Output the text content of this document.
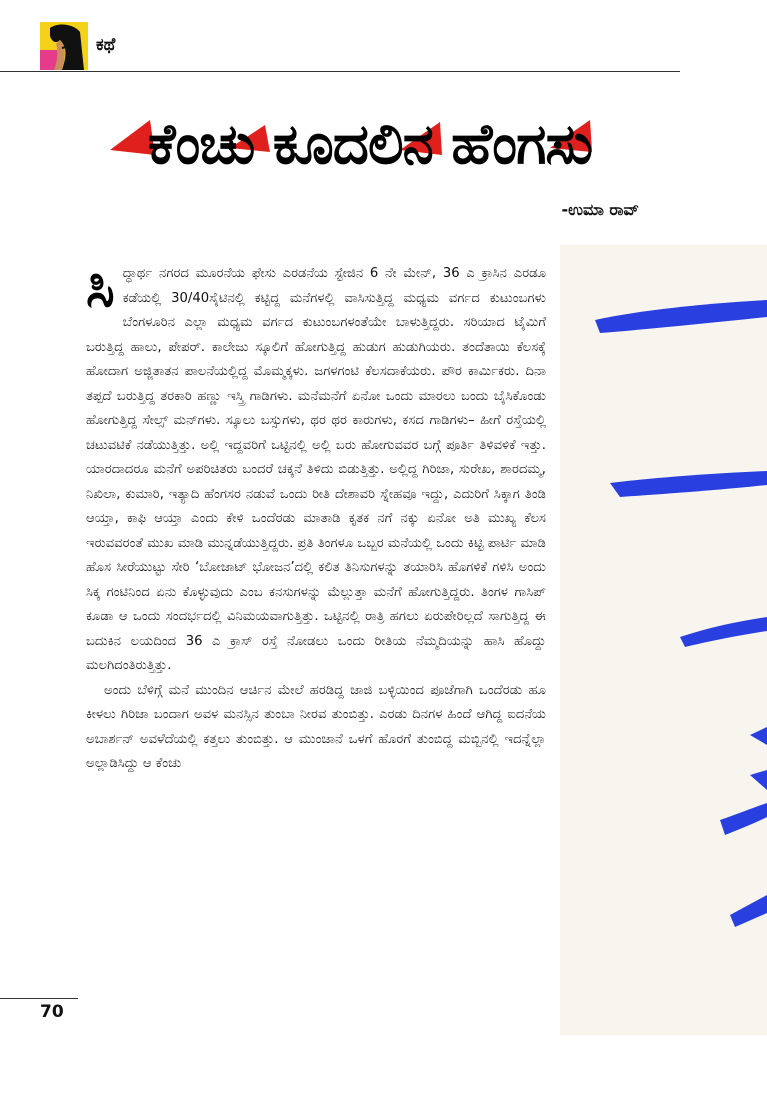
ಕಥೆ
ಕೆಂಚು ಕೂದಲಿನ ಹೆಂಗಸು
-ಉಮಾ ರಾವ್

ಸಿದ್ಧಾರ್ಥ ನಗರದ ಮೂರನೆಯ ಫೇಸು ಎರಡನೆಯ ಸ್ಟೇಜಿನ 6 ನೇ ಮೇನ್, 36 ಎ ಕ್ರಾಸಿನ ಎರಡೂ ಕಡೆಯಲ್ಲಿ 30/40ಸೈಟಿನಲ್ಲಿ ಕಟ್ಟಿದ್ದ ಮನೆಗಳಲ್ಲಿ ವಾಸಿಸುತ್ತಿದ್ದ ಮಧ್ಯಮ ವರ್ಗದ ಕುಟುಂಬಗಳು ಬೆಂಗಳೂರಿನ ಎಲ್ಲಾ ಮಧ್ಯಮ ವರ್ಗದ ಕುಟುಂಬಗಳಂತೆಯೇ ಬಾಳುತ್ತಿದ್ದರು. ಸರಿಯಾದ ಟೈಮಿಗೆ ಬರುತ್ತಿದ್ದ ಹಾಲು, ಪೇಪರ್. ಕಾಲೇಜು ಸ್ಕೂಲಿಗೆ ಹೋಗುತ್ತಿದ್ದ ಹುಡುಗ ಹುಡುಗಿಯರು. ತಂದೆತಾಯಿ ಕೆಲಸಕ್ಕೆ ಹೋದಾಗ ಅಜ್ಜಿತಾತನ ಪಾಲನೆಯಲ್ಲಿದ್ದ ಮೊಮ್ಮಕ್ಕಳು. ಜಗಳಗಂಟಿ ಕೆಲಸದಾಕೆಯರು. ಪೌರ ಕಾರ್ಮಿಕರು. ದಿನಾ ತಪ್ಪದೆ ಬರುತ್ತಿದ್ದ ತರಕಾರಿ ಹಣ್ಣು ಇಸ್ತ್ರಿ ಗಾಡಿಗಳು. ಮನೆಮನೆಗೆ ಏನೋ ಒಂದು ಮಾರಲು ಬಂದು ಬೈಸಿಕೊಂಡು ಹೋಗುತ್ತಿದ್ದ ಸೇಲ್ಸ್ ಮನ್‌ಗಳು. ಸ್ಕೂಲು ಬಸ್ಸುಗಳು, ಥರ ಥರ ಕಾರುಗಳು, ಕಸದ ಗಾಡಿಗಳು– ಹೀಗೆ ರಸ್ತೆಯಲ್ಲಿ ಚಟುವಟಿಕೆ ನಡೆಯುತ್ತಿತ್ತು. ಅಲ್ಲಿ ಇದ್ದವರಿಗೆ ಒಟ್ಟಿನಲ್ಲಿ ಅಲ್ಲಿ ಬರು ಹೋಗುವವರ ಬಗ್ಗೆ ಪೂರ್ತಿ ತಿಳಿವಳಿಕೆ ಇತ್ತು. ಯಾರದಾದರೂ ಮನೆಗೆ ಅಪರಿಚಿತರು ಬಂದರೆ ಚಕ್ಕನೆ ತಿಳಿದು ಬಿಡುತ್ತಿತ್ತು. ಅಲ್ಲಿದ್ದ ಗಿರಿಜಾ, ಸುರೇಖ, ಶಾರದಮ್ಮ, ನಿಖಿಲಾ, ಕುಮಾರಿ, ಇತ್ಯಾದಿ ಹೆಂಗಸರ ನಡುವೆ ಒಂದು ರೀತಿ ದೇಶಾವರಿ ಸ್ನೇಹವೂ ಇದ್ದು, ಎದುರಿಗೆ ಸಿಕ್ಕಾಗ ತಿಂಡಿ ಆಯ್ತಾ, ಕಾಫಿ ಆಯ್ತಾ ಎಂದು ಕೇಳಿ ಒಂದೆರಡು ಮಾತಾಡಿ ಕೃತಕ ನಗೆ ನಕ್ಕು ಏನೋ ಅತಿ ಮುಖ್ಯ ಕೆಲಸ ಇರುವವರಂತೆ ಮುಖ ಮಾಡಿ ಮುನ್ನಡೆಯುತ್ತಿದ್ದರು. ಪ್ರತಿ ತಿಂಗಳೂ ಒಬ್ಬರ ಮನೆಯಲ್ಲಿ ಒಂದು ಕಿಟ್ಟಿ ಪಾರ್ಟಿ ಮಾಡಿ ಹೊಸ ಸೀರೆಯುಟ್ಟು ಸೇರಿ ‘ಬೋಜಾಟ್ ಭೋಜನ’ದಲ್ಲಿ ಕಲಿತ ತಿನಿಸುಗಳನ್ನು ತಯಾರಿಸಿ ಹೊಗಳಿಕೆ ಗಳಿಸಿ ಅಂದು ಸಿಕ್ಕ ಗಂಟಿನಿಂದ ಏನು ಕೊಳ್ಳುವುದು ಎಂಬ ಕನಸುಗಳನ್ನು ಮೆಲ್ಲುತ್ತಾ ಮನೆಗೆ ಹೋಗುತ್ತಿದ್ದರು. ತಿಂಗಳ ಗಾಸಿಪ್ ಕೂಡಾ ಆ ಒಂದು ಸಂದರ್ಭದಲ್ಲಿ ವಿನಿಮಯವಾಗುತ್ತಿತ್ತು. ಒಟ್ಟಿನಲ್ಲಿ ರಾತ್ರಿ ಹಗಲು ಏರುಪೇರಿಲ್ಲದೆ ಸಾಗುತ್ತಿದ್ದ ಈ ಬದುಕಿನ ಲಯದಿಂದ 36 ಎ ಕ್ರಾಸ್ ರಸ್ತೆ ನೋಡಲು ಒಂದು ರೀತಿಯ ನೆಮ್ಮದಿಯನ್ನು ಹಾಸಿ ಹೊದ್ದು ಮಲಗಿದಂತಿರುತ್ತಿತ್ತು.

ಅಂದು ಬೆಳಿಗ್ಗೆ ಮನೆ ಮುಂದಿನ ಆರ್ಚಿನ ಮೇಲೆ ಹರಡಿದ್ದ ಜಾಜಿ ಬಳ್ಳಿಯಿಂದ ಪೂಜೆಗಾಗಿ ಒಂದೆರಡು ಹೂ ಕೀಳಲು ಗಿರಿಜಾ ಬಂದಾಗ ಅವಳ ಮನಸ್ಸಿನ ತುಂಬಾ ನೀರವ ತುಂಬಿತ್ತು. ಎರಡು ದಿನಗಳ ಹಿಂದೆ ಆಗಿದ್ದ ಐದನೆಯ ಅಬಾರ್ಶನ್ ಅವಳೆದೆಯಲ್ಲಿ ಕತ್ತಲು ತುಂಬಿತ್ತು. ಆ ಮುಂಜಾನೆ ಒಳಗೆ ಹೊರಗೆ ತುಂಬಿದ್ದ ಮಬ್ಬಿನಲ್ಲಿ ಇದನ್ನೆಲ್ಲಾ ಅಲ್ಲಾಡಿಸಿದ್ದು ಆ ಕೆಂಚು

70
